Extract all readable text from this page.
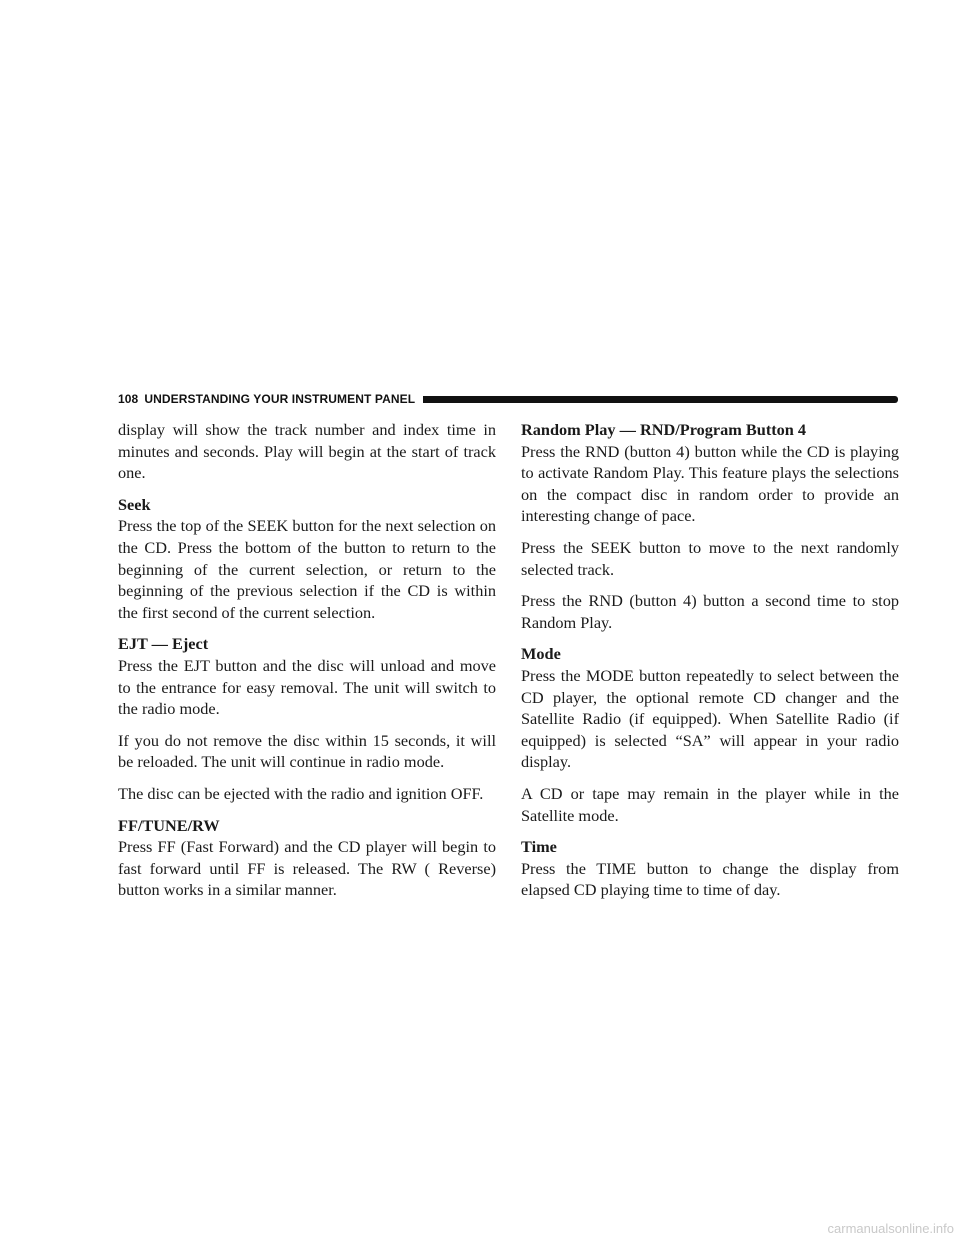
108 UNDERSTANDING YOUR INSTRUMENT PANEL

display will show the track number and index time in minutes and seconds. Play will begin at the start of track one.

Seek
Press the top of the SEEK button for the next selection on the CD. Press the bottom of the button to return to the beginning of the current selection, or return to the beginning of the previous selection if the CD is within the first second of the current selection.
EJT — Eject
Press the EJT button and the disc will unload and move to the entrance for easy removal. The unit will switch to the radio mode.

If you do not remove the disc within 15 seconds, it will be reloaded. The unit will continue in radio mode.

The disc can be ejected with the radio and ignition OFF.

FF/TUNE/RW
Press FF (Fast Forward) and the CD player will begin to fast forward until FF is released. The RW ( Reverse) button works in a similar manner.
Random Play — RND/Program Button 4
Press the RND (button 4) button while the CD is playing to activate Random Play. This feature plays the selections on the compact disc in random order to provide an interesting change of pace.

Press the SEEK button to move to the next randomly selected track.

Press the RND (button 4) button a second time to stop Random Play.

Mode
Press the MODE button repeatedly to select between the CD player, the optional remote CD changer and the Satellite Radio (if equipped). When Satellite Radio (if equipped) is selected “SA” will appear in your radio display.

A CD or tape may remain in the player while in the Satellite mode.

Time
Press the TIME button to change the display from elapsed CD playing time to time of day.
carmanualsonline.info
